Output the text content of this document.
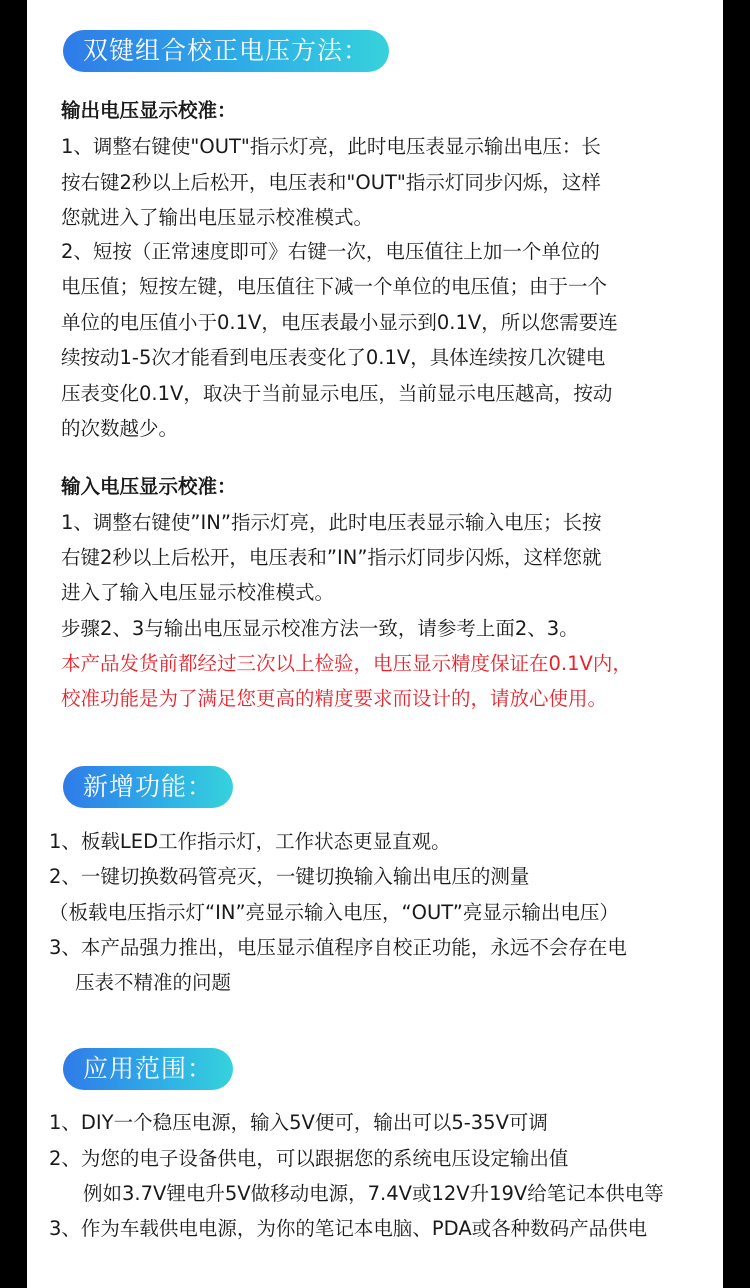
双键组合校正电压方法：
输出电压显示校准：
1、调整右键使"OUT"指示灯亮，此时电压表显示输出电压：长
按右键2秒以上后松开，电压表和"OUT"指示灯同步闪烁，这样
您就进入了输出电压显示校准模式。
2、短按（正常速度即可》右键一次，电压值往上加一个单位的
电压值；短按左键，电压值往下减一个单位的电压值；由于一个
单位的电压值小于0.1V，电压表最小显示到0.1V，所以您需要连
续按动1-5次才能看到电压表变化了0.1V，具体连续按几次键电
压表变化0.1V，取决于当前显示电压，当前显示电压越高，按动
的次数越少。
输入电压显示校准：
1、调整右键使”IN”指示灯亮，此时电压表显示输入电压；长按
右键2秒以上后松开，电压表和”IN”指示灯同步闪烁，这样您就
进入了输入电压显示校准模式。
步骤2、3与输出电压显示校准方法一致，请参考上面2、3。
本产品发货前都经过三次以上检验，电压显示精度保证在0.1V内，
校准功能是为了满足您更高的精度要求而设计的，请放心使用。
新增功能：
1、板载LED工作指示灯，工作状态更显直观。
2、一键切换数码管亮灭，一键切换输入输出电压的测量
（板载电压指示灯“IN”亮显示输入电压，“OUT”亮显示输出电压）
3、本产品强力推出，电压显示值程序自校正功能，永远不会存在电
压表不精准的问题
应用范围：
1、DIY一个稳压电源，输入5V便可，输出可以5-35V可调
2、为您的电子设备供电，可以跟据您的系统电压设定输出值
例如3.7V锂电升5V做移动电源，7.4V或12V升19V给笔记本供电等
3、作为车载供电电源，为你的笔记本电脑、PDA或各种数码产品供电
